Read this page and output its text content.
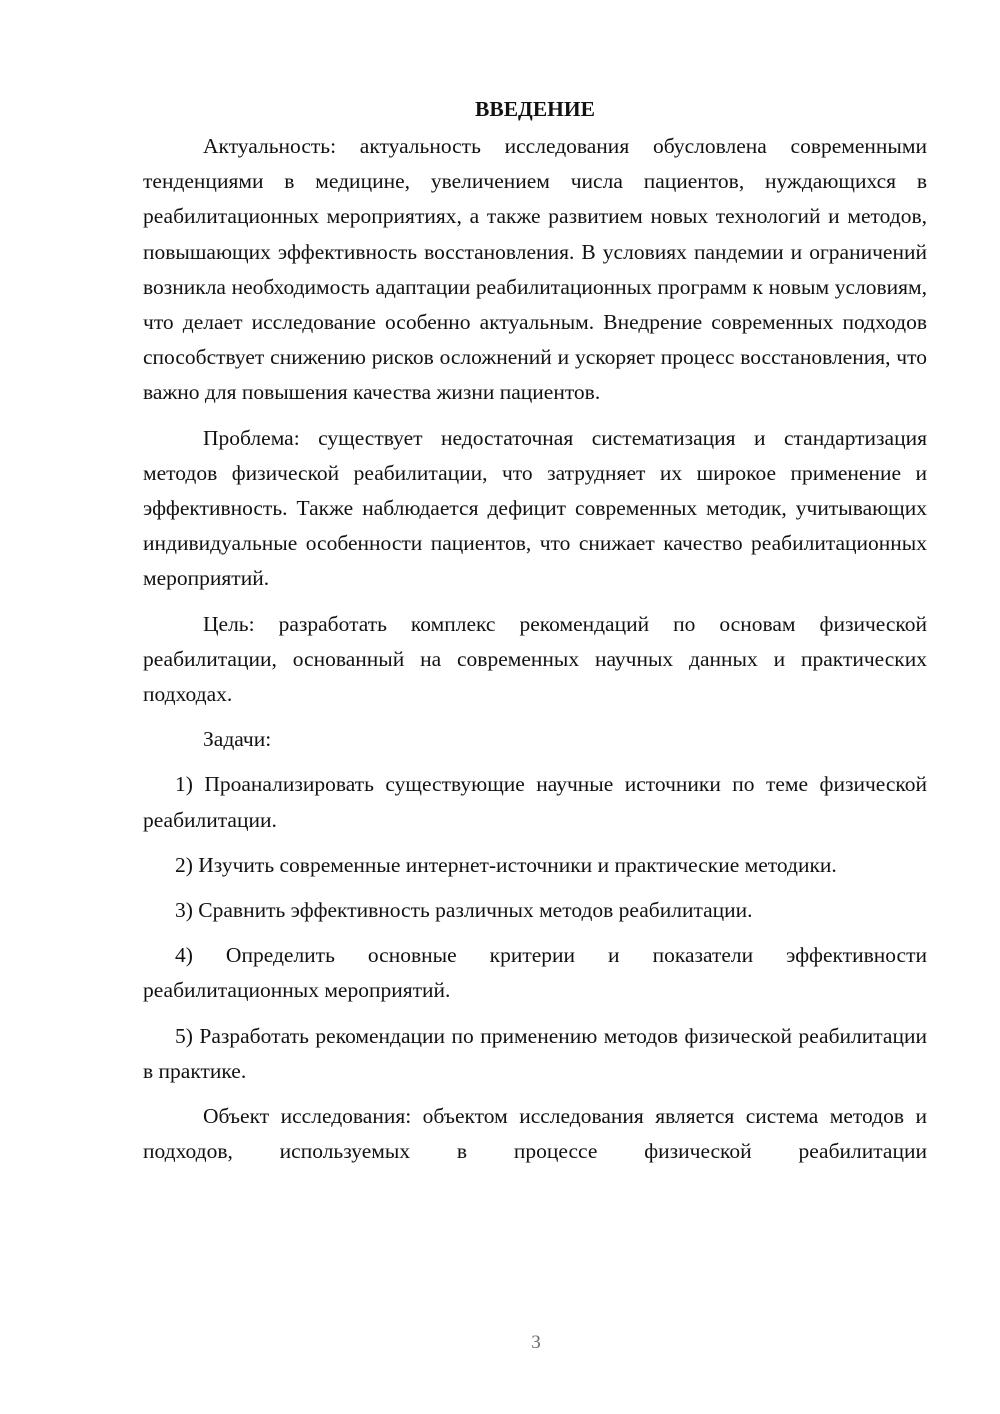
ВВЕДЕНИЕ

Актуальность: актуальность исследования обусловлена современными тенденциями в медицине, увеличением числа пациентов, нуждающихся в реабилитационных мероприятиях, а также развитием новых технологий и методов, повышающих эффективность восстановления. В условиях пандемии и ограничений возникла необходимость адаптации реабилитационных программ к новым условиям, что делает исследование особенно актуальным. Внедрение современных подходов способствует снижению рисков осложнений и ускоряет процесс восстановления, что важно для повышения качества жизни пациентов.

Проблема: существует недостаточная систематизация и стандартизация методов физической реабилитации, что затрудняет их широкое применение и эффективность. Также наблюдается дефицит современных методик, учитывающих индивидуальные особенности пациентов, что снижает качество реабилитационных мероприятий.

Цель: разработать комплекс рекомендаций по основам физической реабилитации, основанный на современных научных данных и практических подходах.

Задачи:

1) Проанализировать существующие научные источники по теме физической реабилитации.

2) Изучить современные интернет-источники и практические методики.

3) Сравнить эффективность различных методов реабилитации.

4) Определить основные критерии и показатели эффективности реабилитационных мероприятий.

5) Разработать рекомендации по применению методов физической реабилитации в практике.

Объект исследования: объектом исследования является система методов и подходов, используемых в процессе физической реабилитации

3
